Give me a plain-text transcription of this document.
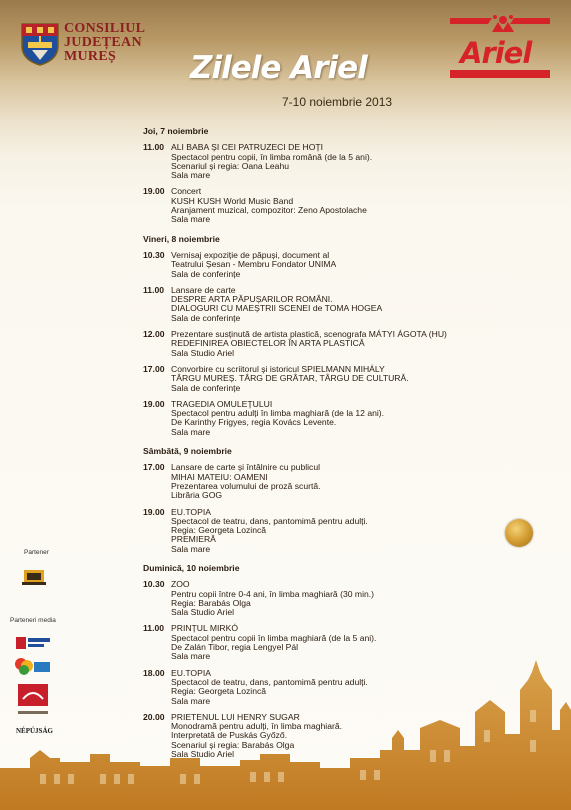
CONSILIUL
JUDEȚEAN
MUREȘ	Zilele Ariel
7-10 noiembrie 2013
Ariel
Joi, 7 noiembrie
11.00 ALI BABA ȘI CEI PATRUZECI DE HOȚI
Spectacol pentru copii, în limba română (de la 5 ani).
Scenariul și regia: Oana Leahu
Sala mare
19.00 Concert
KUSH KUSH World Music Band
Aranjament muzical, compozitor: Zeno Apostolache
Sala mare
Vineri, 8 noiembrie
10.30 Vernisaj expoziție de păpuși, document al
Teatrului Șesan - Membru Fondator UNIMA
Sala de conferințe
11.00 Lansare de carte
DESPRE ARTA PĂPUȘARILOR ROMÂNI.
DIALOGURI CU MAEȘTRII SCENEI de TOMA HOGEA
Sala de conferințe
12.00 Prezentare susținută de artista plastică, scenografa MÁTYI ÁGOTA (HU)
REDEFINIREA OBIECTELOR ÎN ARTA PLASTICĂ
Sala Studio Ariel
17.00 Convorbire cu scriitorul și istoricul SPIELMANN MIHÁLY
TÂRGU MUREȘ. TÂRG DE GRÂTAR, TÂRGU DE CULTURĂ.
Sala de conferințe
19.00 TRAGEDIA OMULEȚULUI
Spectacol pentru adulți în limba maghiară (de la 12 ani).
De Karinthy Frigyes, regia Kovács Levente.
Sala mare
Sâmbătă, 9 noiembrie
17.00 Lansare de carte și întâlnire cu publicul
MIHAI MATEIU: OAMENI
Prezentarea volumului de proză scurtă.
Librăria GOG
19.00 EU.TOPIA
Spectacol de teatru, dans, pantomimă pentru adulți.
Regia: Georgeta Lozincă
PREMIERĂ
Sala mare
Duminică, 10 noiembrie
10.30 ZOO
Pentru copii între 0-4 ani, în limba maghiară (30 min.)
Regia: Barabás Olga
Sala Studio Ariel
11.00 PRINȚUL MIRKÓ
Spectacol pentru copii în limba maghiară (de la 5 ani).
De Zalán Tibor, regia Lengyel Pál
Sala mare
18.00 EU.TOPIA
Spectacol de teatru, dans, pantomimă pentru adulți.
Regia: Georgeta Lozincă
Sala mare
20.00 PRIETENUL LUI HENRY SUGAR
Monodramă pentru adulți, în limba maghiară.
Interpretată de Puskás Győző.
Scenariul și regia: Barabás Olga
Sala Studio Ariel
Partener
Parteneri media
NÉPÚJSÁG
